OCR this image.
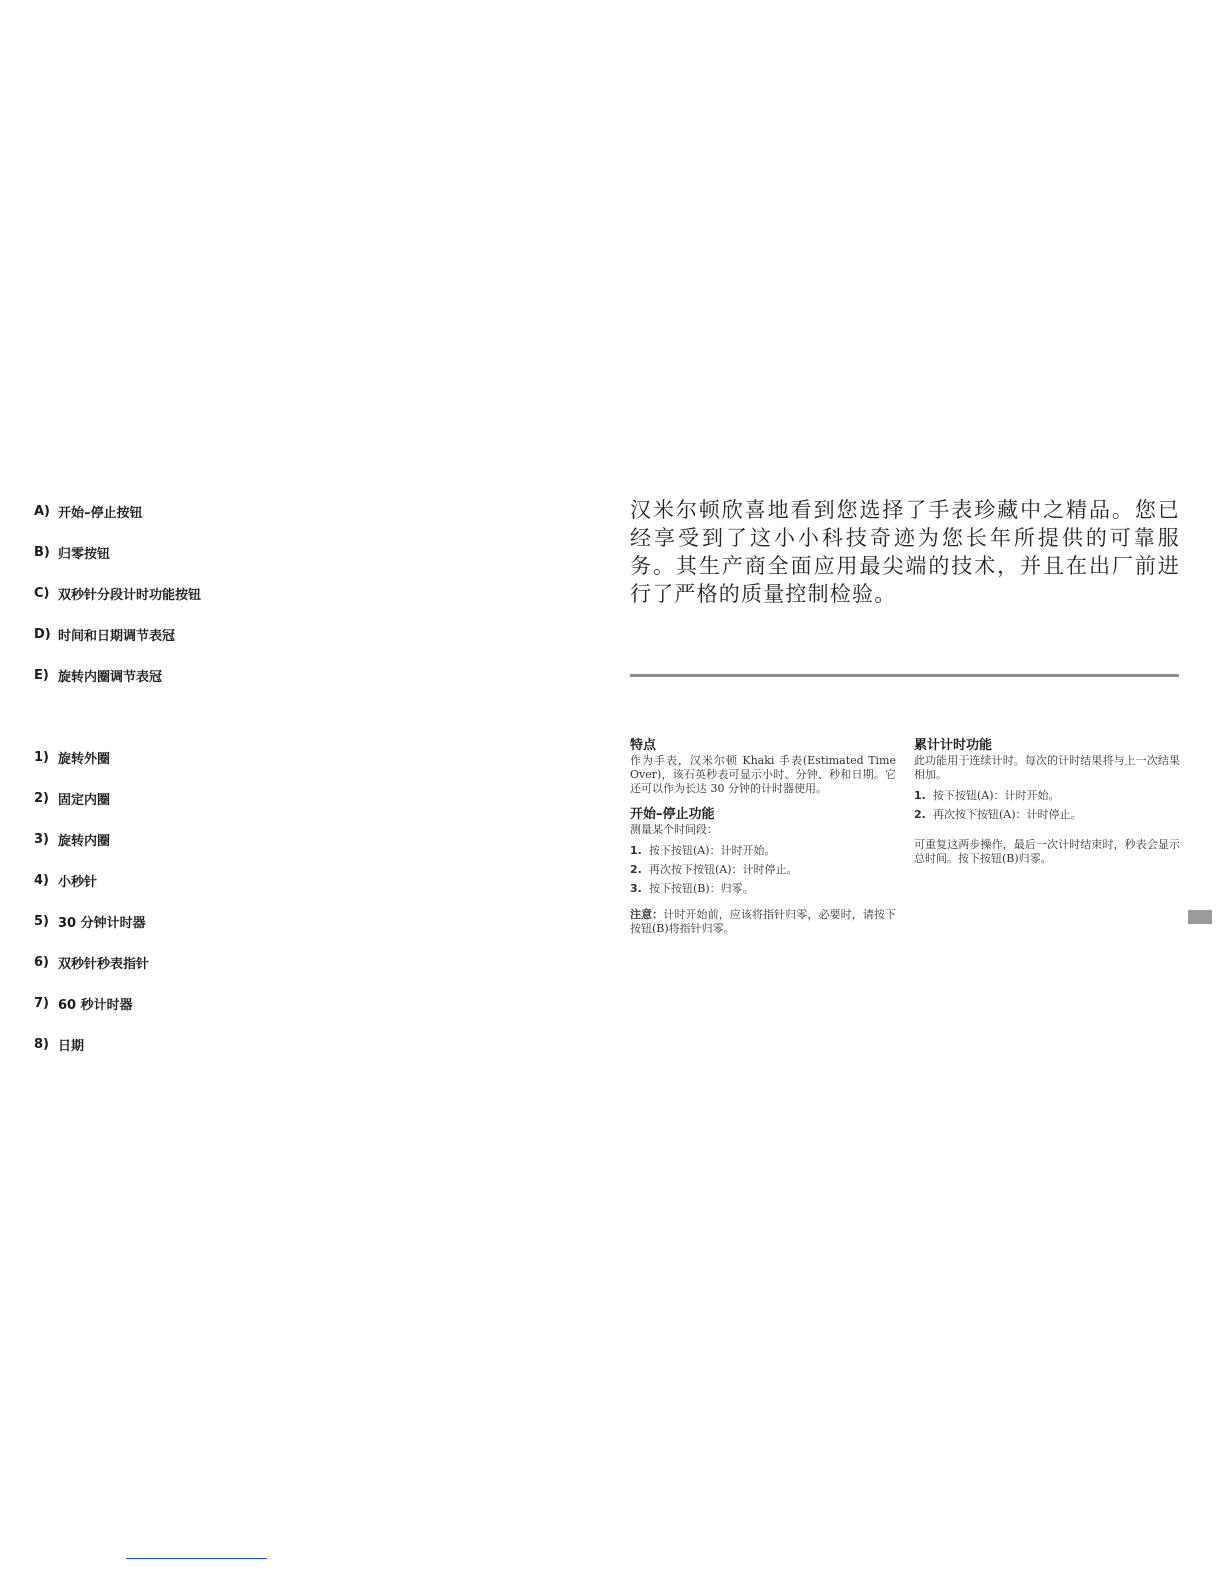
A) 开始–停止按钮
B) 归零按钮
C) 双秒针分段计时功能按钮
D) 时间和日期调节表冠
E) 旋转内圈调节表冠
1) 旋转外圈
2) 固定内圈
3) 旋转内圈
4) 小秒针
5) 30 分钟计时器
6) 双秒针秒表指针
7) 60 秒计时器
8) 日期

汉米尔顿欣喜地看到您选择了手表珍藏中之精品。您已经享受到了这小小科技奇迹为您长年所提供的可靠服务。其生产商全面应用最尖端的技术，并且在出厂前进行了严格的质量控制检验。

特点

作为手表，汉米尔顿 Khaki 手表(Estimated Time Over)，该石英秒表可显示小时、分钟、秒和日期。它还可以作为长达 30 分钟的计时器使用。

开始–停止功能

测量某个时间段：

1. 按下按钮(A)：计时开始。
2. 再次按下按钮(A)：计时停止。
3. 按下按钮(B)：归零。

注意：计时开始前，应该将指针归零，必要时，请按下按钮(B)将指针归零。

累计计时功能

此功能用于连续计时。每次的计时结果将与上一次结果相加。

1. 按下按钮(A)：计时开始。
2. 再次按下按钮(A)：计时停止。

可重复这两步操作，最后一次计时结束时，秒表会显示总时间。按下按钮(B)归零。
